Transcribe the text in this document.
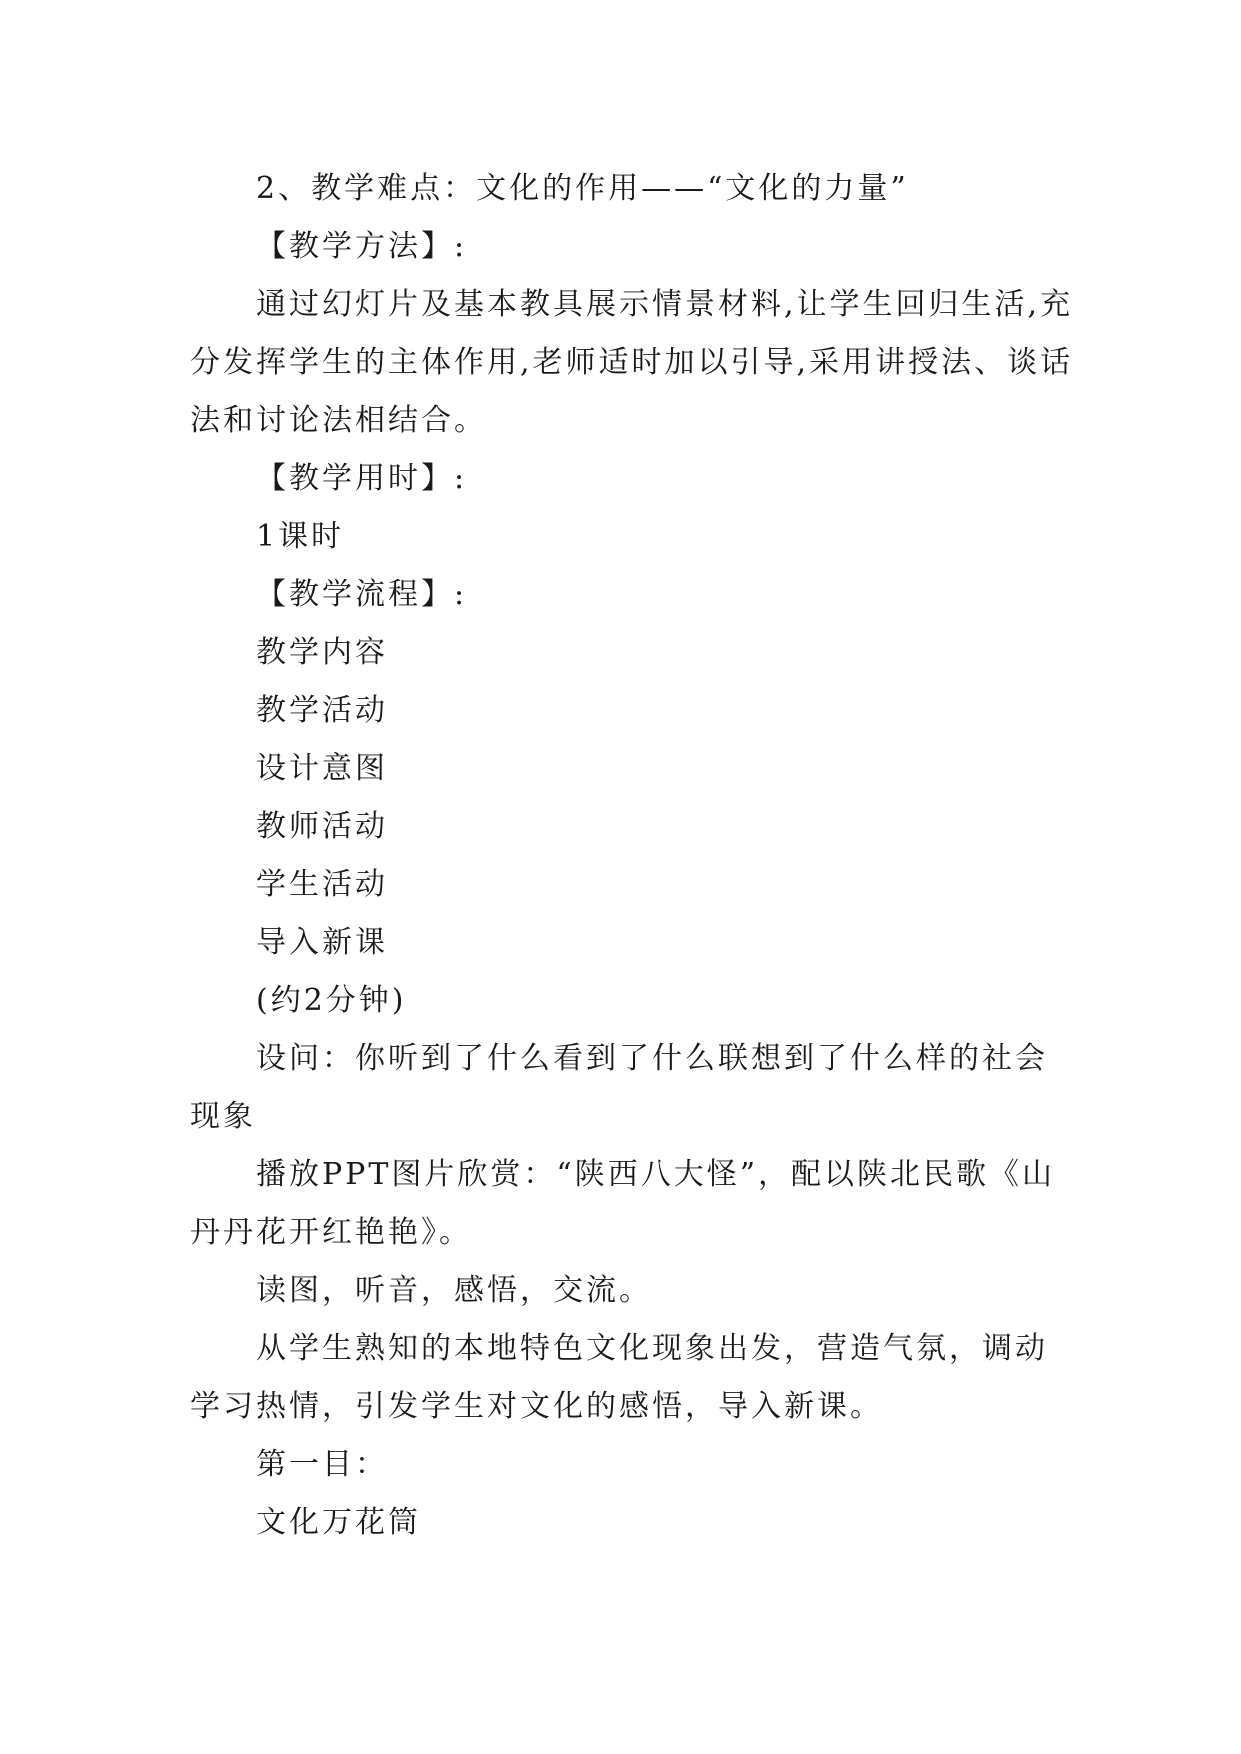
2、教学难点：文化的作用——“文化的力量”

【教学方法】:

通过幻灯片及基本教具展示情景材料,让学生回归生活,充分发挥学生的主体作用,老师适时加以引导,采用讲授法、谈话法和讨论法相结合。

【教学用时】:

1课时

【教学流程】:

教学内容

教学活动

设计意图

教师活动

学生活动

导入新课

(约2分钟)

设问：你听到了什么看到了什么联想到了什么样的社会现象

播放PPT图片欣赏：“陕西八大怪”，配以陕北民歌《山丹丹花开红艳艳》。

读图，听音，感悟，交流。

从学生熟知的本地特色文化现象出发，营造气氛，调动学习热情，引发学生对文化的感悟，导入新课。

第一目：

文化万花筒
